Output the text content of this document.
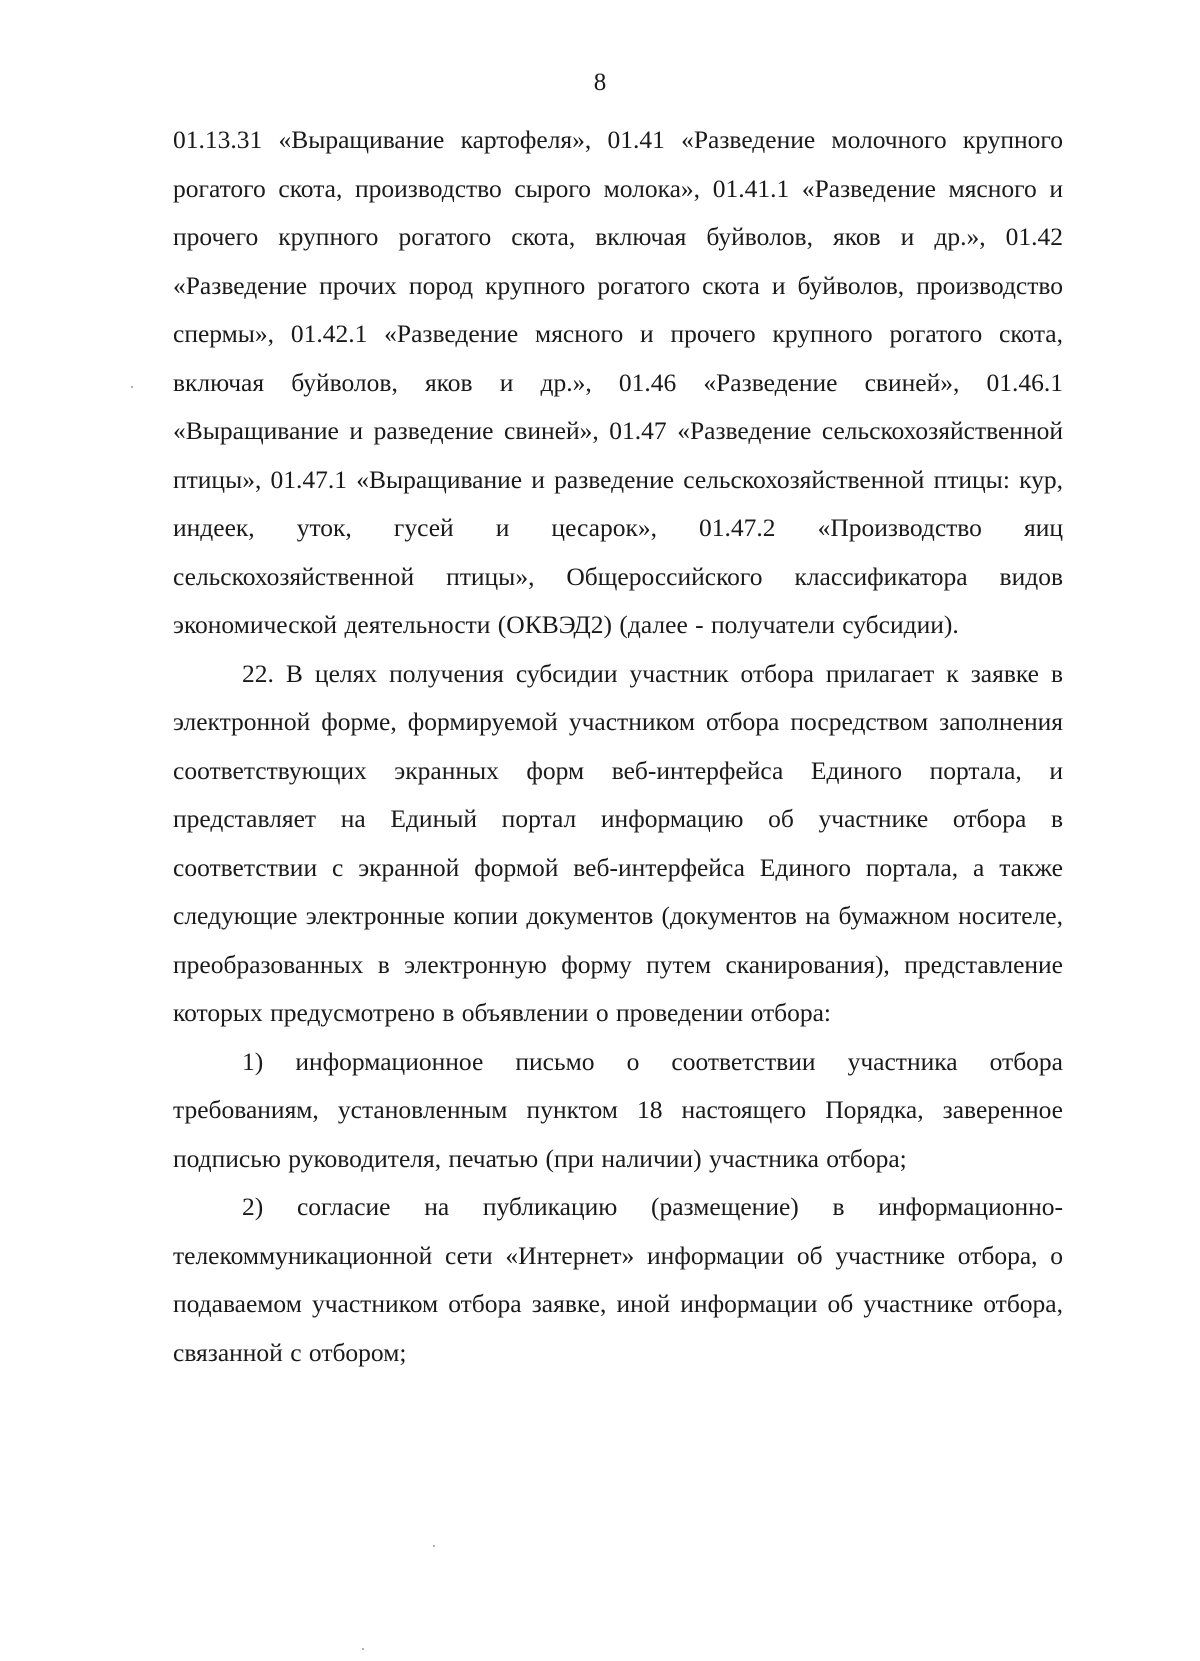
8

01.13.31 «Выращивание картофеля», 01.41 «Разведение молочного крупного рогатого скота, производство сырого молока», 01.41.1 «Разведение мясного и прочего крупного рогатого скота, включая буйволов, яков и др.», 01.42 «Разведение прочих пород крупного рогатого скота и буйволов, производство спермы», 01.42.1 «Разведение мясного и прочего крупного рогатого скота, включая буйволов, яков и др.», 01.46 «Разведение свиней», 01.46.1 «Выращивание и разведение свиней», 01.47 «Разведение сельскохозяйственной птицы», 01.47.1 «Выращивание и разведение сельскохозяйственной птицы: кур, индеек, уток, гусей и цесарок», 01.47.2 «Производство яиц сельскохозяйственной птицы», Общероссийского классификатора видов экономической деятельности (ОКВЭД2) (далее - получатели субсидии).

22. В целях получения субсидии участник отбора прилагает к заявке в электронной форме, формируемой участником отбора посредством заполнения соответствующих экранных форм веб-интерфейса Единого портала, и представляет на Единый портал информацию об участнике отбора в соответствии с экранной формой веб-интерфейса Единого портала, а также следующие электронные копии документов (документов на бумажном носителе, преобразованных в электронную форму путем сканирования), представление которых предусмотрено в объявлении о проведении отбора:

1) информационное письмо о соответствии участника отбора требованиям, установленным пунктом 18 настоящего Порядка, заверенное подписью руководителя, печатью (при наличии) участника отбора;

2) согласие на публикацию (размещение) в информационно-телекоммуникационной сети «Интернет» информации об участнике отбора, о подаваемом участником отбора заявке, иной информации об участнике отбора, связанной с отбором;
